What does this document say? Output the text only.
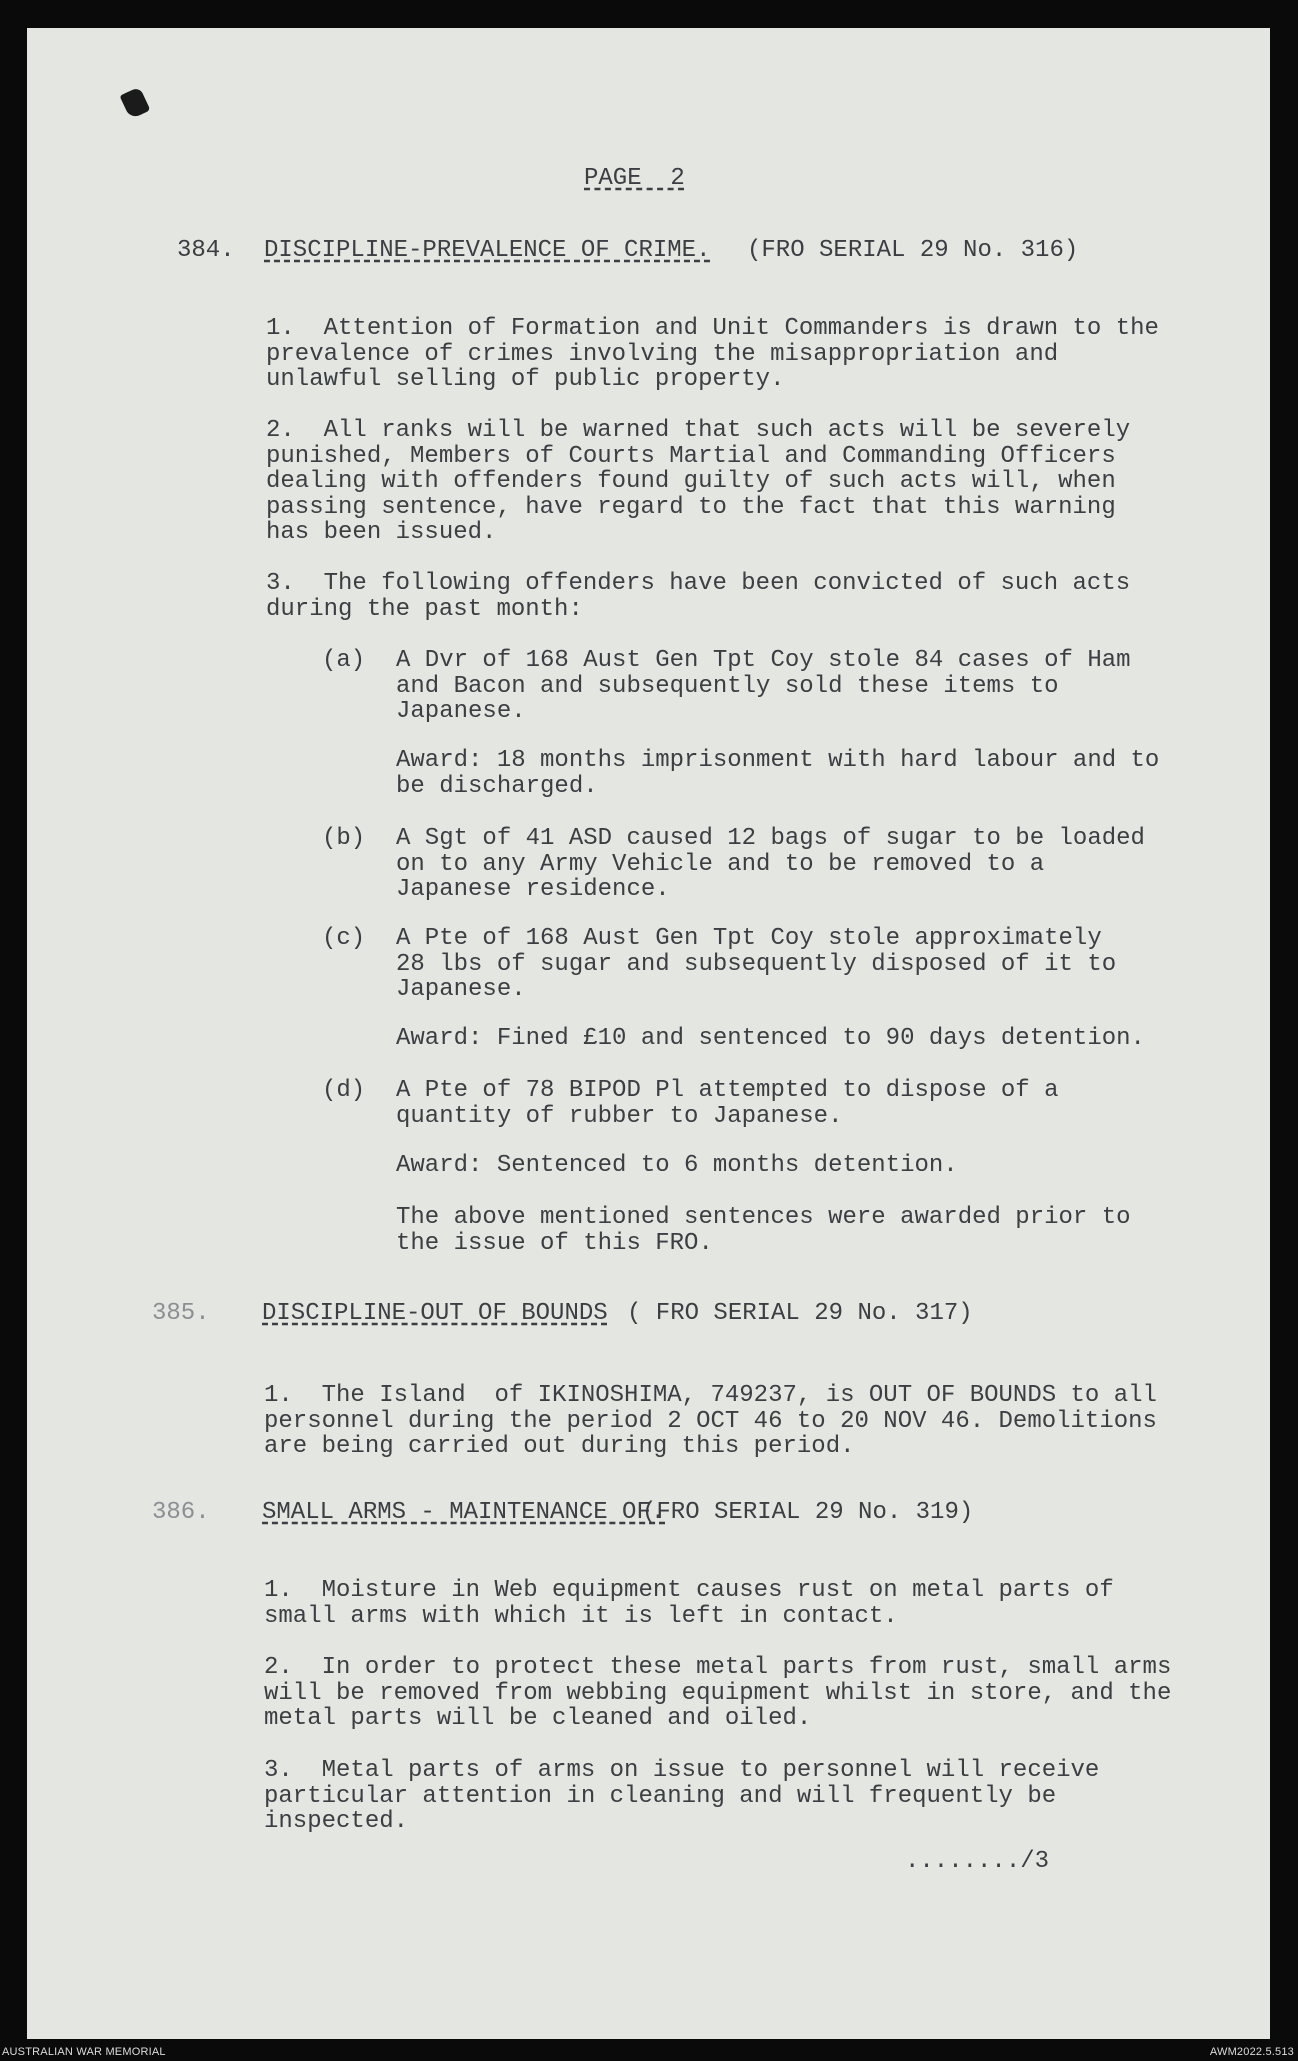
PAGE  2
384. DISCIPLINE-PREVALENCE OF CRIME. (FRO SERIAL 29 No. 316)
1.  Attention of Formation and Unit Commanders is drawn to the
prevalence of crimes involving the misappropriation and
unlawful selling of public property.
2.  All ranks will be warned that such acts will be severely
punished, Members of Courts Martial and Commanding Officers
dealing with offenders found guilty of such acts will, when
passing sentence, have regard to the fact that this warning
has been issued.
3.  The following offenders have been convicted of such acts
during the past month:
(a) A Dvr of 168 Aust Gen Tpt Coy stole 84 cases of Ham
and Bacon and subsequently sold these items to
Japanese.
Award: 18 months imprisonment with hard labour and to
be discharged.
(b) A Sgt of 41 ASD caused 12 bags of sugar to be loaded
on to any Army Vehicle and to be removed to a
Japanese residence.
(c) A Pte of 168 Aust Gen Tpt Coy stole approximately
28 lbs of sugar and subsequently disposed of it to
Japanese.
Award: Fined £10 and sentenced to 90 days detention.
(d) A Pte of 78 BIPOD Pl attempted to dispose of a
quantity of rubber to Japanese.
Award: Sentenced to 6 months detention.
The above mentioned sentences were awarded prior to
the issue of this FRO.
385. DISCIPLINE-OUT OF BOUNDS ( FRO SERIAL 29 No. 317)
1.  The Island  of IKINOSHIMA, 749237, is OUT OF BOUNDS to all
personnel during the period 2 OCT 46 to 20 NOV 46. Demolitions
are being carried out during this period.
386. SMALL ARMS - MAINTENANCE OF.
(FRO SERIAL 29 No. 319)
1.  Moisture in Web equipment causes rust on metal parts of
small arms with which it is left in contact.
2.  In order to protect these metal parts from rust, small arms
will be removed from webbing equipment whilst in store, and the
metal parts will be cleaned and oiled.
3.  Metal parts of arms on issue to personnel will receive
particular attention in cleaning and will frequently be
inspected.
......../3
AUSTRALIAN WAR MEMORIAL	AWM2022.5.513
